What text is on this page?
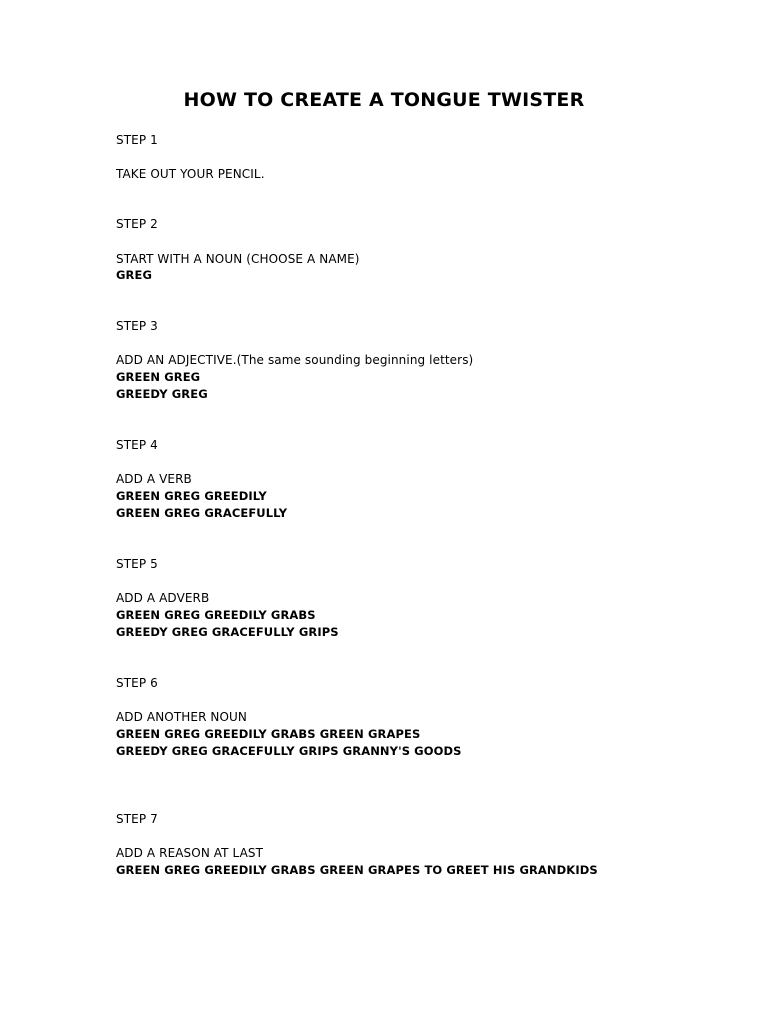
HOW TO CREATE A TONGUE TWISTER

STEP 1

TAKE OUT YOUR PENCIL.

STEP 2

START WITH A NOUN (CHOOSE A NAME)

GREG

STEP 3

ADD AN ADJECTIVE.(The same sounding beginning letters)

GREEN GREG

GREEDY GREG

STEP 4

ADD A VERB

GREEN GREG GREEDILY

GREEN GREG GRACEFULLY

STEP 5

ADD A ADVERB

GREEN GREG GREEDILY GRABS

GREEDY GREG GRACEFULLY GRIPS

STEP 6

ADD ANOTHER NOUN

GREEN GREG GREEDILY GRABS GREEN GRAPES

GREEDY GREG GRACEFULLY GRIPS GRANNY'S GOODS

STEP 7

ADD A REASON AT LAST

GREEN GREG GREEDILY GRABS GREEN GRAPES TO GREET HIS GRANDKIDS
